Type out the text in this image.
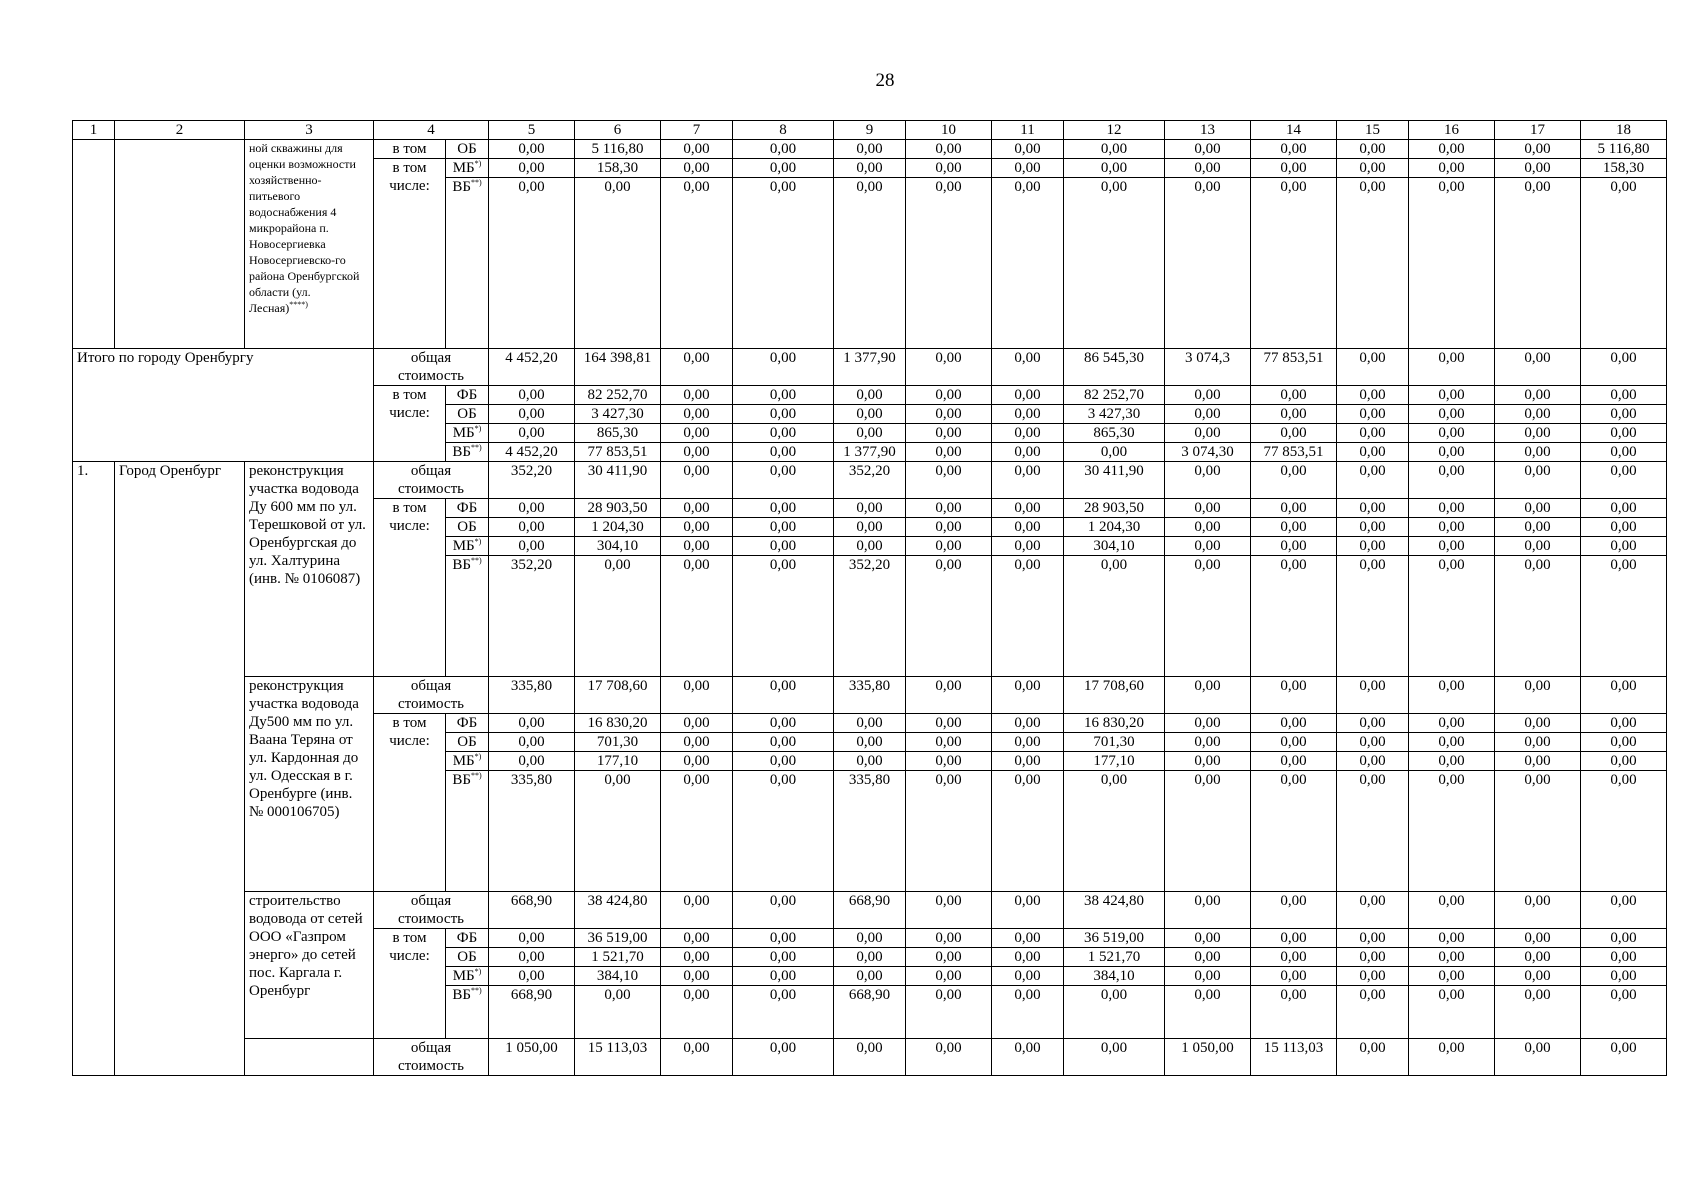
28
1	2	3	4		5	6	7	8	9	10	11	12	13	14	15	16	17	18
		ной скважины для оценки возможности хозяйственно-питьевого водоснабжения 4 микрорайона п. Новосергиевка Новосергиевско-го района Оренбургской области (ул. Лесная)****)	в том	ОБ	0,00	5 116,80	0,00	0,00	0,00	0,00	0,00	0,00	0,00	0,00	0,00	0,00	0,00	5 116,80
			в том числе:	МБ*)	0,00	158,30	0,00	0,00	0,00	0,00	0,00	0,00	0,00	0,00	0,00	0,00	0,00	158,30
				ВБ**)	0,00	0,00	0,00	0,00	0,00	0,00	0,00	0,00	0,00	0,00	0,00	0,00	0,00	0,00
Итого по городу Оренбургу			общая стоимость		4 452,20	164 398,81	0,00	0,00	1 377,90	0,00	0,00	86 545,30	3 074,3	77 853,51	0,00	0,00	0,00	0,00
			в том числе:	ФБ	0,00	82 252,70	0,00	0,00	0,00	0,00	0,00	82 252,70	0,00	0,00	0,00	0,00	0,00	0,00
				ОБ	0,00	3 427,30	0,00	0,00	0,00	0,00	0,00	3 427,30	0,00	0,00	0,00	0,00	0,00	0,00
				МБ*)	0,00	865,30	0,00	0,00	0,00	0,00	0,00	865,30	0,00	0,00	0,00	0,00	0,00	0,00
				ВБ**)	4 452,20	77 853,51	0,00	0,00	1 377,90	0,00	0,00	0,00	3 074,30	77 853,51	0,00	0,00	0,00	0,00
1.	Город Оренбург	реконструкция участка водовода Ду 600 мм по ул. Терешковой от ул. Оренбургская до ул. Халтурина (инв. № 0106087)	общая стоимость		352,20	30 411,90	0,00	0,00	352,20	0,00	0,00	30 411,90	0,00	0,00	0,00	0,00	0,00	0,00
			в том числе:	ФБ	0,00	28 903,50	0,00	0,00	0,00	0,00	0,00	28 903,50	0,00	0,00	0,00	0,00	0,00	0,00
				ОБ	0,00	1 204,30	0,00	0,00	0,00	0,00	0,00	1 204,30	0,00	0,00	0,00	0,00	0,00	0,00
				МБ*)	0,00	304,10	0,00	0,00	0,00	0,00	0,00	304,10	0,00	0,00	0,00	0,00	0,00	0,00
				ВБ**)	352,20	0,00	0,00	0,00	352,20	0,00	0,00	0,00	0,00	0,00	0,00	0,00	0,00	0,00
		реконструкция участка водовода Ду500 мм по ул. Ваана Теряна от ул. Кардонная до ул. Одесская в г. Оренбурге (инв. № 000106705)	общая стоимость		335,80	17 708,60	0,00	0,00	335,80	0,00	0,00	17 708,60	0,00	0,00	0,00	0,00	0,00	0,00
			в том числе:	ФБ	0,00	16 830,20	0,00	0,00	0,00	0,00	0,00	16 830,20	0,00	0,00	0,00	0,00	0,00	0,00
				ОБ	0,00	701,30	0,00	0,00	0,00	0,00	0,00	701,30	0,00	0,00	0,00	0,00	0,00	0,00
				МБ*)	0,00	177,10	0,00	0,00	0,00	0,00	0,00	177,10	0,00	0,00	0,00	0,00	0,00	0,00
				ВБ**)	335,80	0,00	0,00	0,00	335,80	0,00	0,00	0,00	0,00	0,00	0,00	0,00	0,00	0,00
		строительство водовода от сетей ООО «Газпром энерго» до сетей пос. Каргала г. Оренбург	общая стоимость		668,90	38 424,80	0,00	0,00	668,90	0,00	0,00	38 424,80	0,00	0,00	0,00	0,00	0,00	0,00
			в том числе:	ФБ	0,00	36 519,00	0,00	0,00	0,00	0,00	0,00	36 519,00	0,00	0,00	0,00	0,00	0,00	0,00
				ОБ	0,00	1 521,70	0,00	0,00	0,00	0,00	0,00	1 521,70	0,00	0,00	0,00	0,00	0,00	0,00
				МБ*)	0,00	384,10	0,00	0,00	0,00	0,00	0,00	384,10	0,00	0,00	0,00	0,00	0,00	0,00
				ВБ**)	668,90	0,00	0,00	0,00	668,90	0,00	0,00	0,00	0,00	0,00	0,00	0,00	0,00	0,00
			общая стоимость		1 050,00	15 113,03	0,00	0,00	0,00	0,00	0,00	0,00	1 050,00	15 113,03	0,00	0,00	0,00	0,00
